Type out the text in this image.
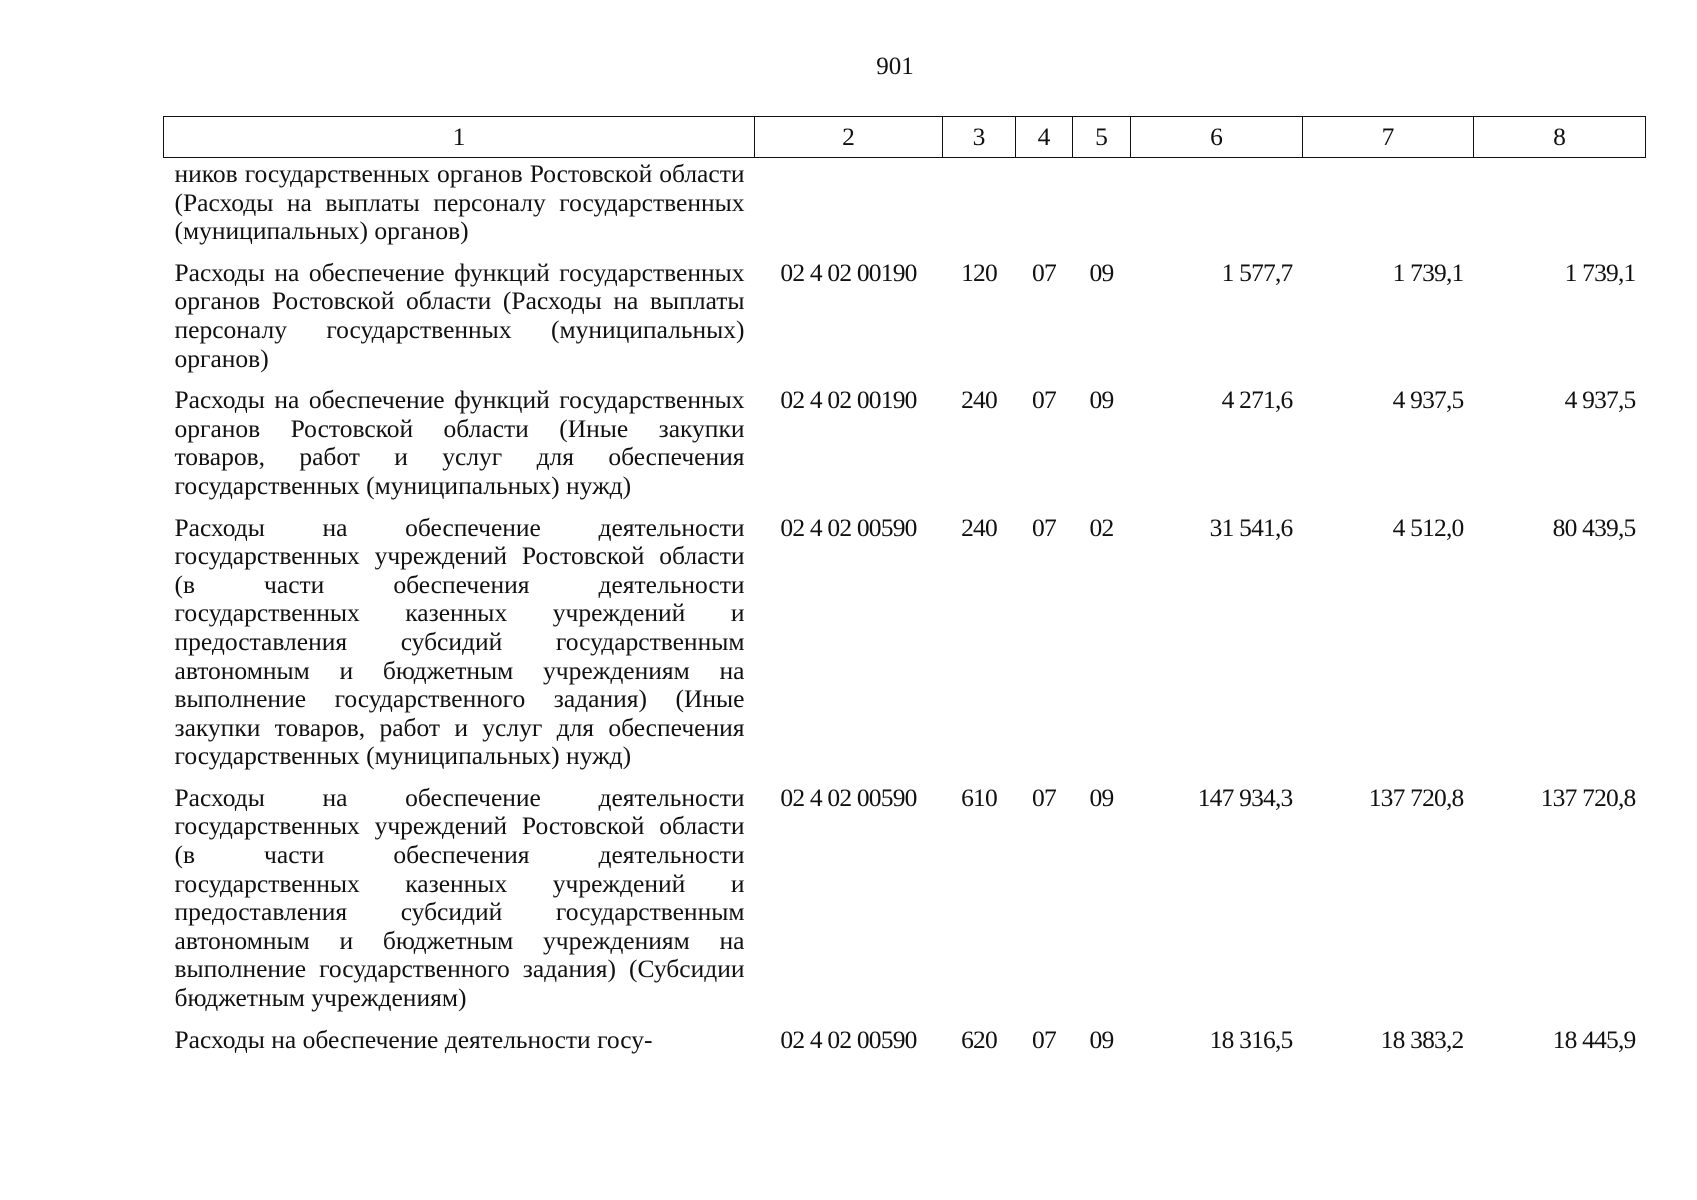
901
1	2	3	4	5	6	7	8
ников государственных органов Ростовской области (Расходы на выплаты персоналу государственных (муниципальных) органов)							
Расходы на обеспечение функций государственных органов Ростовской области (Расходы на выплаты персоналу государственных (муниципальных) органов)	02 4 02 00190	120	07	09	1 577,7	1 739,1	1 739,1
Расходы на обеспечение функций государственных органов Ростовской области (Иные закупки товаров, работ и услуг для обеспечения государственных (муниципальных) нужд)	02 4 02 00190	240	07	09	4 271,6	4 937,5	4 937,5
Расходы на обеспечение деятельности государственных учреждений Ростовской области (в части обеспечения деятельности государственных казенных учреждений и предоставления субсидий государственным автономным и бюджетным учреждениям на выполнение государственного задания) (Иные закупки товаров, работ и услуг для обеспечения государственных (муниципальных) нужд)	02 4 02 00590	240	07	02	31 541,6	4 512,0	80 439,5
Расходы на обеспечение деятельности государственных учреждений Ростовской области (в части обеспечения деятельности государственных казенных учреждений и предоставления субсидий государственным автономным и бюджетным учреждениям на выполнение государственного задания) (Субсидии бюджетным учреждениям)	02 4 02 00590	610	07	09	147 934,3	137 720,8	137 720,8
Расходы на обеспечение деятельности госу-	02 4 02 00590	620	07	09	18 316,5	18 383,2	18 445,9
